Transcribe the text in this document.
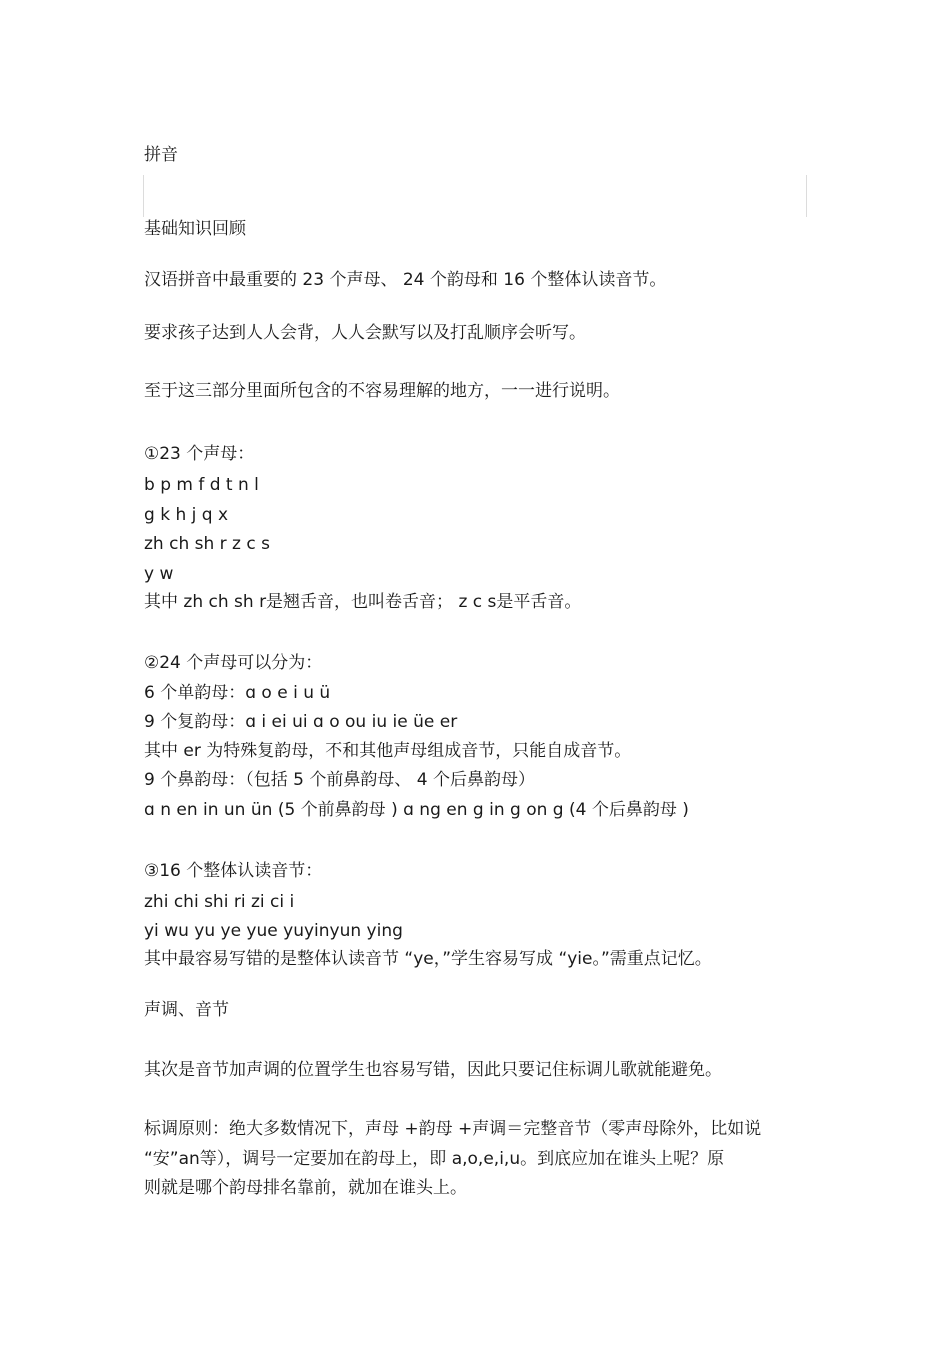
拼音
基础知识回顾
汉语拼音中最重要的 23 个声母、 24 个韵母和 16 个整体认读音节。
要求孩子达到人人会背，人人会默写以及打乱顺序会听写。
至于这三部分里面所包含的不容易理解的地方，一一进行说明。
①23 个声母：
b p m f d t n l
g k h j q x
zh ch sh r z c s
y w
其中 zh ch sh r是翘舌音，也叫卷舌音； z c s是平舌音。
②24 个声母可以分为：
6 个单韵母：ɑ o e i u ü
9 个复韵母：ɑ i ei ui ɑ o ou iu ie üe er
其中 er 为特殊复韵母，不和其他声母组成音节，只能自成音节。
9 个鼻韵母：（包括 5 个前鼻韵母、 4 个后鼻韵母）
ɑ n en in un ün (5 个前鼻韵母 ) ɑ ng en g in g on g (4 个后鼻韵母 )
③16 个整体认读音节：
zhi chi shi ri zi ci i
yi wu yu ye yue yuyinyun ying
其中最容易写错的是整体认读音节 “ye，”学生容易写成 “yie。”需重点记忆。
声调、音节
其次是音节加声调的位置学生也容易写错，因此只要记住标调儿歌就能避免。
标调原则：绝大多数情况下，声母 +韵母 +声调＝完整音节（零声母除外，比如说
“安”an等），调号一定要加在韵母上，即 a,o,e,i,u。到底应加在谁头上呢？原
则就是哪个韵母排名靠前，就加在谁头上。
